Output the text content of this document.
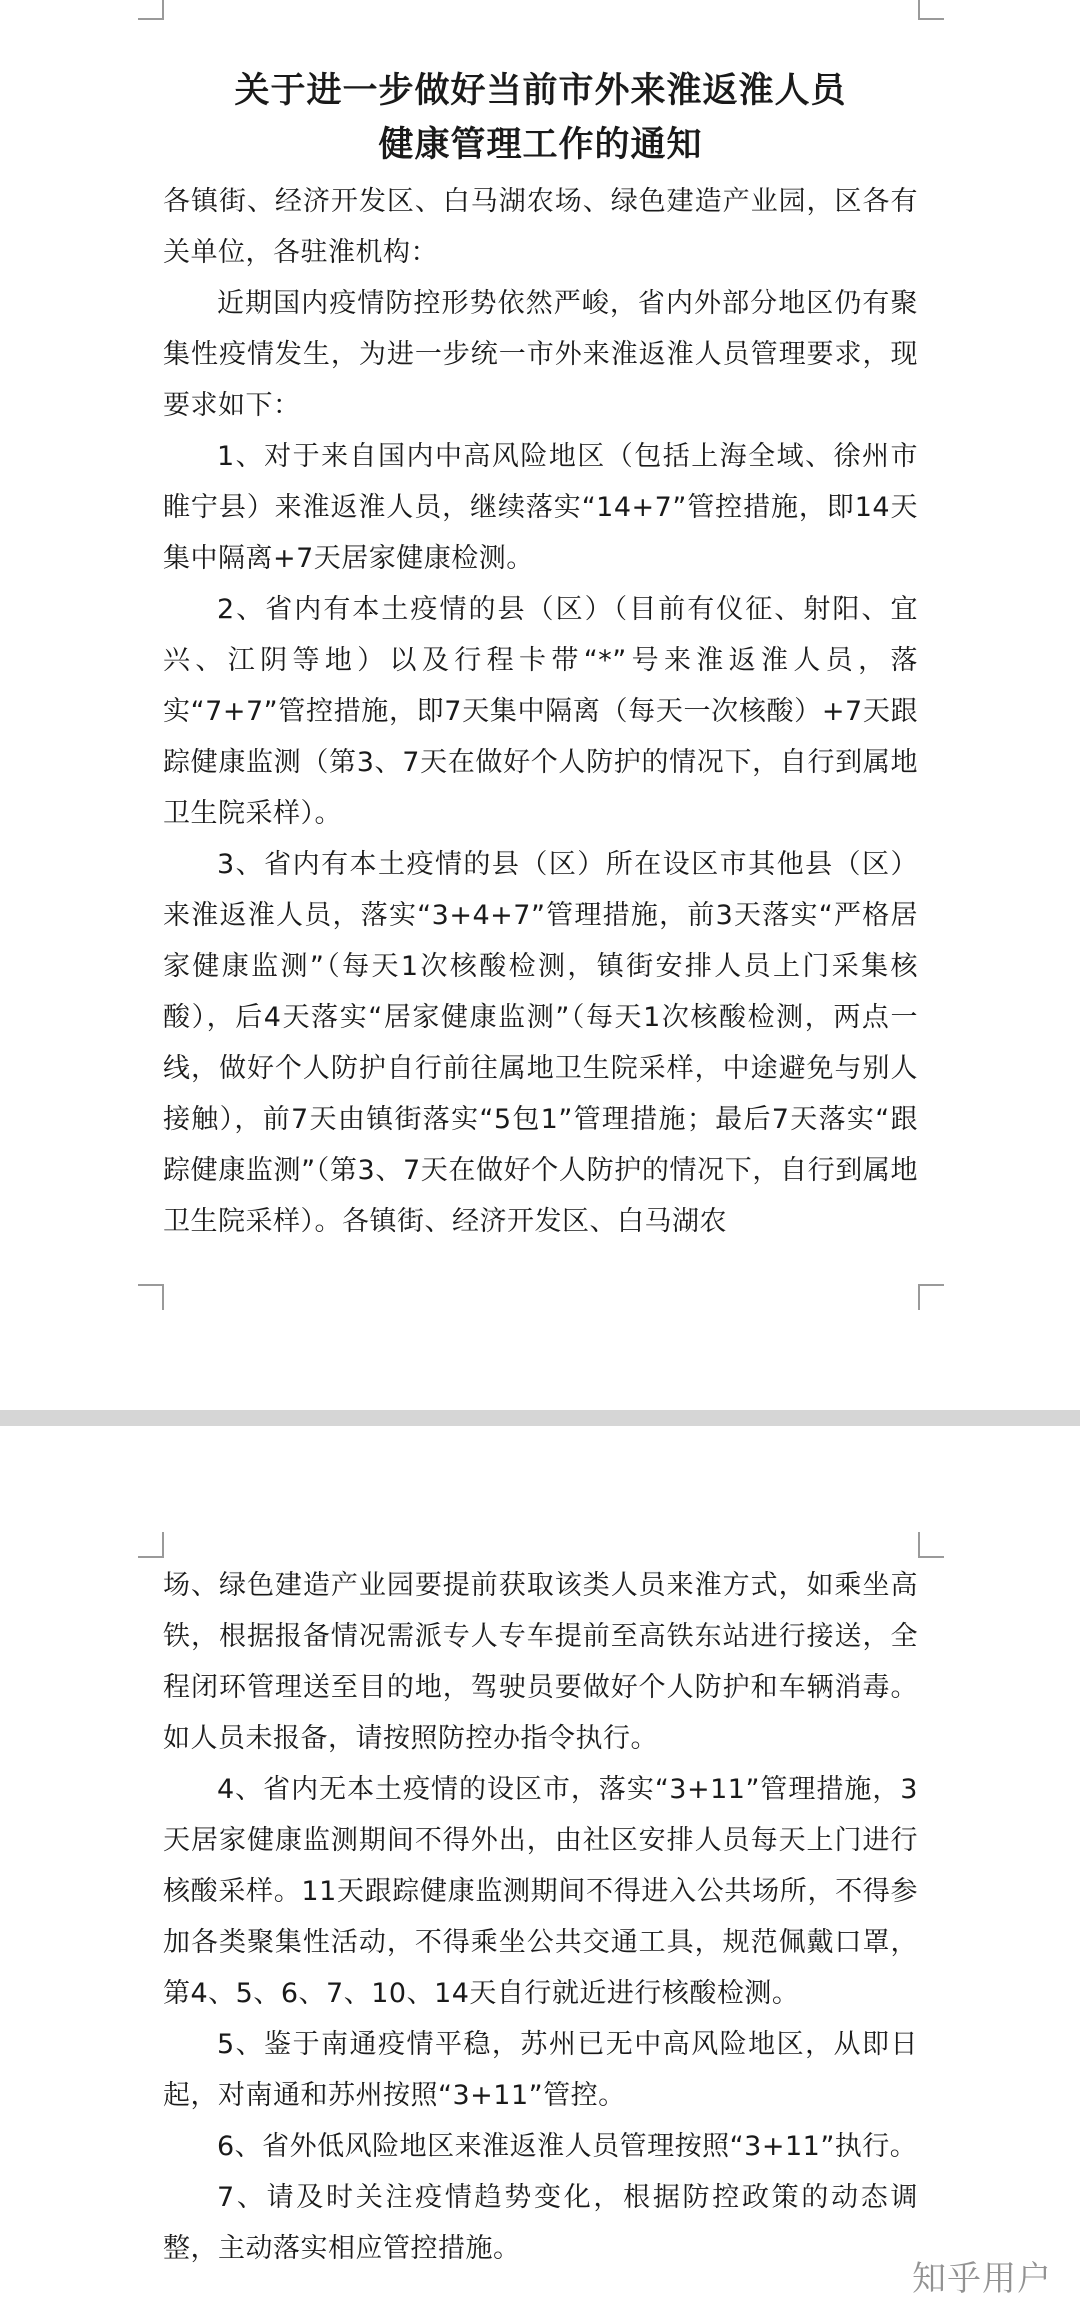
关于进一步做好当前市外来淮返淮人员
健康管理工作的通知

各镇街、经济开发区、白马湖农场、绿色建造产业园，区各有关单位，各驻淮机构：

近期国内疫情防控形势依然严峻，省内外部分地区仍有聚集性疫情发生，为进一步统一市外来淮返淮人员管理要求，现要求如下：

1、对于来自国内中高风险地区（包括上海全域、徐州市睢宁县）来淮返淮人员，继续落实“14+7”管控措施，即14天集中隔离+7天居家健康检测。

2、省内有本土疫情的县（区）（目前有仪征、射阳、宜兴、江阴等地）以及行程卡带“*”号来淮返淮人员，落实“7+7”管控措施，即7天集中隔离（每天一次核酸）+7天跟踪健康监测（第3、7天在做好个人防护的情况下，自行到属地卫生院采样）。

3、省内有本土疫情的县（区）所在设区市其他县（区）来淮返淮人员，落实“3+4+7”管理措施，前3天落实“严格居家健康监测”（每天1次核酸检测，镇街安排人员上门采集核酸），后4天落实“居家健康监测”（每天1次核酸检测，两点一线，做好个人防护自行前往属地卫生院采样，中途避免与别人接触），前7天由镇街落实“5包1”管理措施；最后7天落实“跟踪健康监测”（第3、7天在做好个人防护的情况下，自行到属地卫生院采样）。各镇街、经济开发区、白马湖农

场、绿色建造产业园要提前获取该类人员来淮方式，如乘坐高铁，根据报备情况需派专人专车提前至高铁东站进行接送，全程闭环管理送至目的地，驾驶员要做好个人防护和车辆消毒。如人员未报备，请按照防控办指令执行。

4、省内无本土疫情的设区市，落实“3+11”管理措施，3天居家健康监测期间不得外出，由社区安排人员每天上门进行核酸采样。11天跟踪健康监测期间不得进入公共场所，不得参加各类聚集性活动，不得乘坐公共交通工具，规范佩戴口罩，第4、5、6、7、10、14天自行就近进行核酸检测。

5、鉴于南通疫情平稳，苏州已无中高风险地区，从即日起，对南通和苏州按照“3+11”管控。

6、省外低风险地区来淮返淮人员管理按照“3+11”执行。

7、请及时关注疫情趋势变化，根据防控政策的动态调整，主动落实相应管控措施。

知乎用户
